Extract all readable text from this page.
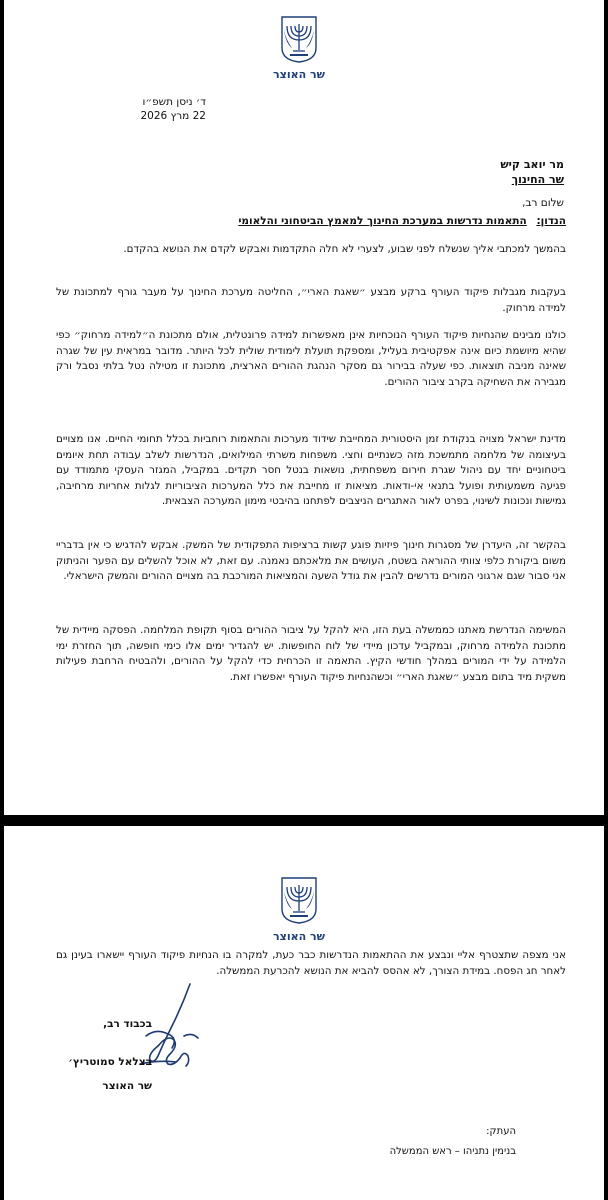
שר האוצר
ד׳ ניסן תשפ״ו
22 מרץ 2026
מר יואב קיש
שר החינוך
שלום רב,
הנדון: התאמות נדרשות במערכת החינוך למאמץ הביטחוני והלאומי

בהמשך למכתבי אליך שנשלח לפני שבוע, לצערי לא חלה התקדמות ואבקש לקדם את הנושא בהקדם.

בעקבות מגבלות פיקוד העורף ברקע מבצע ״שאגת הארי״, החליטה מערכת החינוך על מעבר גורף למתכונת של למידה מרחוק.

כולנו מבינים שהנחיות פיקוד העורף הנוכחיות אינן מאפשרות למידה פרונטלית, אולם מתכונת ה״למידה מרחוק״ כפי שהיא מיושמת כיום אינה אפקטיבית בעליל, ומספקת תועלת לימודית שולית לכל היותר. מדובר במראית עין של שגרה שאינה מניבה תוצאות. כפי שעלה בבירור גם מסקר הנהגת ההורים הארצית, מתכונת זו מטילה נטל בלתי נסבל ורק מגבירה את השחיקה בקרב ציבור ההורים.

מדינת ישראל מצויה בנקודת זמן היסטורית המחייבת שידוד מערכות והתאמות רוחביות בכלל תחומי החיים. אנו מצויים בעיצומה של מלחמה מתמשכת מזה כשנתיים וחצי. משפחות משרתי המילואים, הנדרשות לשלב עבודה תחת איומים ביטחוניים יחד עם ניהול שגרת חירום משפחתית, נושאות בנטל חסר תקדים. במקביל, המגזר העסקי מתמודד עם פגיעה משמעותית ופועל בתנאי אי-ודאות. מציאות זו מחייבת את כלל המערכות הציבוריות לגלות אחריות מרחיבה, גמישות ונכונות לשינוי, בפרט לאור האתגרים הניצבים לפתחנו בהיבטי מימון המערכה הצבאית.

בהקשר זה, היעדרן של מסגרות חינוך פיזיות פוגע קשות ברציפות התפקודית של המשק. אבקש להדגיש כי אין בדבריי משום ביקורת כלפי צוותי ההוראה בשטח, העושים את מלאכתם נאמנה. עם זאת, לא אוכל להשלים עם הפער והניתוק אני סבור שגם ארגוני המורים נדרשים להבין את גודל השעה והמציאות המורכבת בה מצויים ההורים והמשק הישראלי.

המשימה הנדרשת מאתנו כממשלה בעת הזו, היא להקל על ציבור ההורים בסוף תקופת המלחמה. הפסקה מיידית של מתכונת הלמידה מרחוק, ובמקביל עדכון מיידי של לוח החופשות. יש להגדיר ימים אלו כימי חופשה, תוך החזרת ימי הלמידה על ידי המורים במהלך חודשי הקיץ. התאמה זו הכרחית כדי להקל על ההורים, ולהבטיח הרחבת פעילות משקית מיד בתום מבצע ״שאגת הארי״ וכשהנחיות פיקוד העורף יאפשרו זאת.

שר האוצר

אני מצפה שתצטרף אליי ונבצע את ההתאמות הנדרשות כבר כעת, למקרה בו הנחיות פיקוד העורף יישארו בעינן גם לאחר חג הפסח. במידת הצורך, לא אהסס להביא את הנושא להכרעת הממשלה.

בכבוד רב,
בצלאל סמוטריץ׳
שר האוצר
העתק:
בנימין נתניהו – ראש הממשלה
